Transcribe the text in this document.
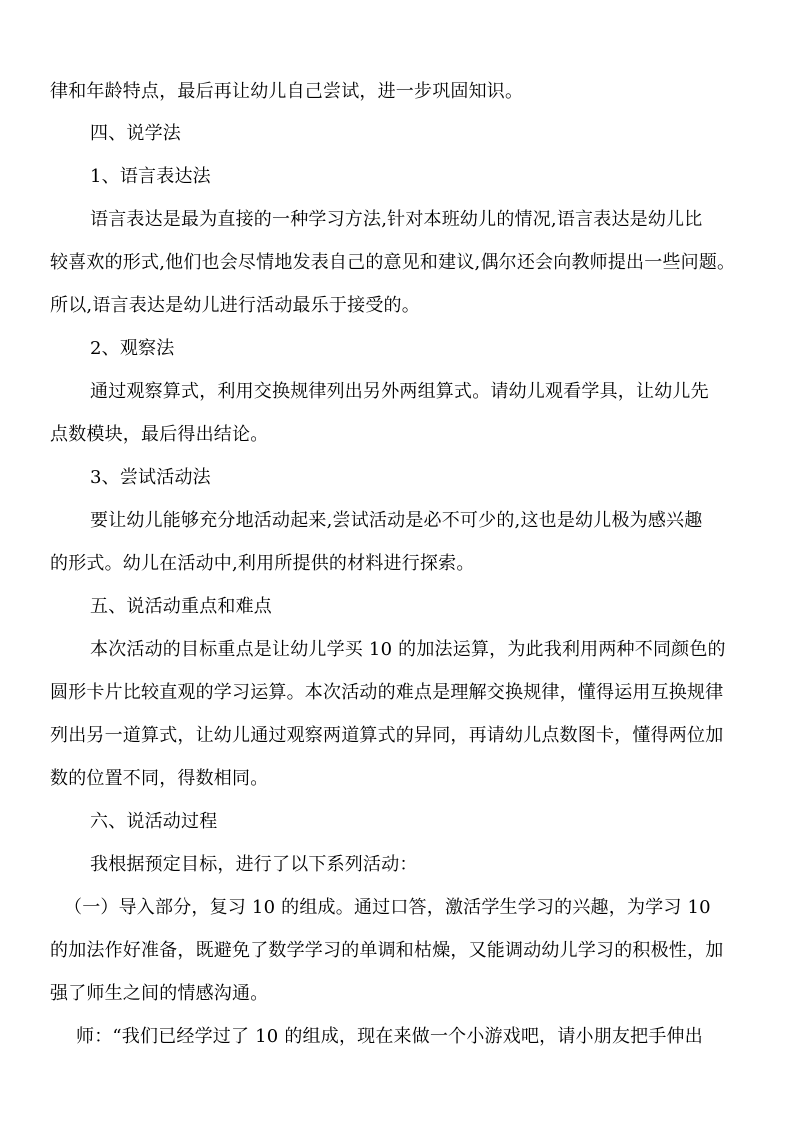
律和年龄特点，最后再让幼儿自己尝试，进一步巩固知识。
四、说学法
1、语言表达法
语言表达是最为直接的一种学习方法,针对本班幼儿的情况,语言表达是幼儿比
较喜欢的形式,他们也会尽情地发表自己的意见和建议,偶尔还会向教师提出一些问题。
所以,语言表达是幼儿进行活动最乐于接受的。
2、观察法
通过观察算式，利用交换规律列出另外两组算式。请幼儿观看学具，让幼儿先
点数模块，最后得出结论。
3、尝试活动法
要让幼儿能够充分地活动起来,尝试活动是必不可少的,这也是幼儿极为感兴趣
的形式。幼儿在活动中,利用所提供的材料进行探索。
五、说活动重点和难点
本次活动的目标重点是让幼儿学买 10 的加法运算，为此我利用两种不同颜色的
圆形卡片比较直观的学习运算。本次活动的难点是理解交换规律，懂得运用互换规律
列出另一道算式，让幼儿通过观察两道算式的异同，再请幼儿点数图卡，懂得两位加
数的位置不同，得数相同。
六、说活动过程
我根据预定目标，进行了以下系列活动：
（一）导入部分，复习 10 的组成。通过口答，激活学生学习的兴趣，为学习 10
的加法作好准备，既避免了数学学习的单调和枯燥，又能调动幼儿学习的积极性，加
强了师生之间的情感沟通。
师：“我们已经学过了 10 的组成，现在来做一个小游戏吧，请小朋友把手伸出
